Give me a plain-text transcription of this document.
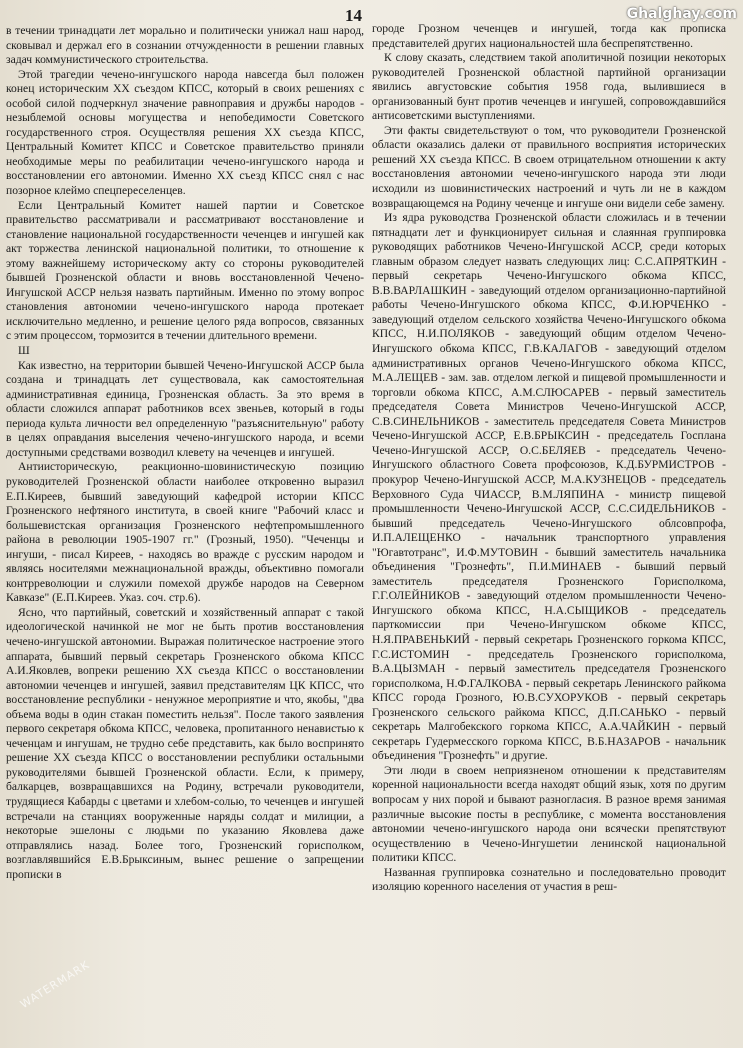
14	Ghalghay.com
WATERMARK

в течении тринадцати лет морально и политически унижал наш народ, сковывал и держал его в сознании отчужденности в решении главных задач коммунистического строительства.

Этой трагедии чечено-ингушского народа навсегда был положен конец историческим ХХ съездом КПСС, который в своих решениях с особой силой подчеркнул значение равноправия и дружбы народов - незыблемой основы могущества и непобедимости Советского государственного строя. Осуществляя решения ХХ съезда КПСС, Центральный Комитет КПСС и Советское правительство приняли необходимые меры по реабилитации чечено-ингушского народа и восстановлении его автономии. Именно ХХ съезд КПСС снял с нас позорное клеймо спецпереселенцев.

Если Центральный Комитет нашей партии и Советское правительство рассматривали и рассматривают восстановление и становление национальной государственности чеченцев и ингушей как акт торжества ленинской национальной политики, то отношение к этому важнейшему историческому акту со стороны руководителей бывшей Грозненской области и вновь восстановленной Чечено-Ингушской АССР нельзя назвать партийным. Именно по этому вопрос становления автономии чечено-ингушского народа протекает исключительно медленно, и решение целого ряда вопросов, связанных с этим процессом, тормозится в течении длительного времени.

Ш

Как известно, на территории бывшей Чечено-Ингушской АССР была создана и тринадцать лет существовала, как самостоятельная административная единица, Грозненская область. За это время в области сложился аппарат работников всех звеньев, который в годы периода культа личности вел определенную "разъяснительную" работу в целях оправдания выселения чечено-ингушского народа, и всеми доступными средствами возводил клевету на чеченцев и ингушей.

Антиисторическую, реакционно-шовинистическую позицию руководителей Грозненской области наиболее откровенно выразил Е.П.Киреев, бывший заведующий кафедрой истории КПСС Грозненского нефтяного института, в своей книге "Рабочий класс и большевистская организация Грозненского нефтепромышленного района в революции 1905-1907 гг." (Грозный, 1950). "Чеченцы и ингуши, - писал Киреев, - находясь во вражде с русским народом и являясь носителями межнациональной вражды, объективно помогали контрреволюции и служили помехой дружбе народов на Северном Кавказе" (Е.П.Киреев. Указ. соч. стр.6).

Ясно, что партийный, советский и хозяйственный аппарат с такой идеологической начинкой не мог не быть против восстановления чечено-ингушской автономии. Выражая политическое настроение этого аппарата, бывший первый секретарь Грозненского обкома КПСС А.И.Яковлев, вопреки решению ХХ съезда КПСС о восстановлении автономии чеченцев и ингушей, заявил представителям ЦК КПСС, что восстановление республики - ненужное мероприятие и что, якобы, "два объема воды в один стакан поместить нельзя". После такого заявления первого секретаря обкома КПСС, человека, пропитанного ненавистью к чеченцам и ингушам, не трудно себе представить, как было воспринято решение ХХ съезда КПСС о восстановлении республики остальными руководителями бывшей Грозненской области. Если, к примеру, балкарцев, возвращавшихся на Родину, встречали руководители, трудящиеся Кабарды с цветами и хлебом-солью, то чеченцев и ингушей встречали на станциях вооруженные наряды солдат и милиции, а некоторые эшелоны с людьми по указанию Яковлева даже отправлялись назад. Более того, Грозненский горисполком, возглавлявшийся Е.В.Брыксиным, вынес решение о запрещении прописки в

городе Грозном чеченцев и ингушей, тогда как прописка представителей других национальностей шла беспрепятственно.

К слову сказать, следствием такой аполитичной позиции некоторых руководителей Грозненской областной партийной организации явились августовские события 1958 года, вылившиеся в организованный бунт против чеченцев и ингушей, сопровождавшийся антисоветскими выступлениями.

Эти факты свидетельствуют о том, что руководители Грозненской области оказались далеки от правильного восприятия исторических решений ХХ съезда КПСС. В своем отрицательном отношении к акту восстановления автономии чечено-ингушского народа эти люди исходили из шовинистических настроений и чуть ли не в каждом возвращающемся на Родину чеченце и ингуше они видели себе замену.

Из ядра руководства Грозненской области сложилась и в течении пятнадцати лет и функционирует сильная и слаянная группировка руководящих работников Чечено-Ингушской АССР, среди которых главным образом следует назвать следующих лиц: С.С.АПРЯТКИН - первый секретарь Чечено-Ингушского обкома КПСС, В.В.ВАРЛАШКИН - заведующий отделом организационно-партийной работы Чечено-Ингушского обкома КПСС, Ф.И.ЮРЧЕНКО - заведующий отделом сельского хозяйства Чечено-Ингушского обкома КПСС, Н.И.ПОЛЯКОВ - заведующий общим отделом Чечено-Ингушского обкома КПСС, Г.В.КАЛАГОВ - заведующий отделом административных органов Чечено-Ингушского обкома КПСС, М.А.ЛЕЩЕВ - зам. зав. отделом легкой и пищевой промышленности и торговли обкома КПСС, А.М.СЛЮСАРЕВ - первый заместитель председателя Совета Министров Чечено-Ингушской АССР, С.В.СИНЕЛЬНИКОВ - заместитель председателя Совета Министров Чечено-Ингушской АССР, Е.В.БРЫКСИН - председатель Госплана Чечено-Ингушской АССР, О.С.БЕЛЯЕВ - председатель Чечено-Ингушского областного Совета профсоюзов, К.Д.БУРМИСТРОВ - прокурор Чечено-Ингушской АССР, М.А.КУЗНЕЦОВ - председатель Верховного Суда ЧИАССР, В.М.ЛЯПИНА - министр пищевой промышленности Чечено-Ингушской АССР, С.С.СИДЕЛЬНИКОВ - бывший председатель Чечено-Ингушского облсовпрофа, И.П.АЛЕЩЕНКО - начальник транспортного управления "Югавтотранс", И.Ф.МУТОВИН - бывший заместитель начальника объединения "Грознефть", П.И.МИНАЕВ - бывший первый заместитель председателя Грозненского Горисполкома, Г.Г.ОЛЕЙНИКОВ - заведующий отделом промышленности Чечено-Ингушского обкома КПСС, Н.А.СЫЩИКОВ - председатель парткомиссии при Чечено-Ингушском обкоме КПСС, Н.Я.ПРАВЕНЬКИЙ - первый секретарь Грозненского горкома КПСС, Г.С.ИСТОМИН - председатель Грозненского горисполкома, В.А.ЦЫЗМАН - первый заместитель председателя Грозненского горисполкома, Н.Ф.ГАЛКОВА - первый секретарь Ленинского райкома КПСС города Грозного, Ю.В.СУХОРУКОВ - первый секретарь Грозненского сельского райкома КПСС, Д.П.САНЬКО - первый секретарь Малгобекского горкома КПСС, А.А.ЧАЙКИН - первый секретарь Гудермесского горкома КПСС, В.Б.НАЗАРОВ - начальник объединения "Грознефть" и другие.

Эти люди в своем неприязненом отношении к представителям коренной национальности всегда находят общий язык, хотя по другим вопросам у них порой и бывают разногласия. В разное время занимая различные высокие посты в республике, с момента восстановления автономии чечено-ингушского народа они всячески препятствуют осуществлению в Чечено-Ингушетии ленинской национальной политики КПСС.

Названная группировка сознательно и последовательно проводит изоляцию коренного населения от участия в реш-
